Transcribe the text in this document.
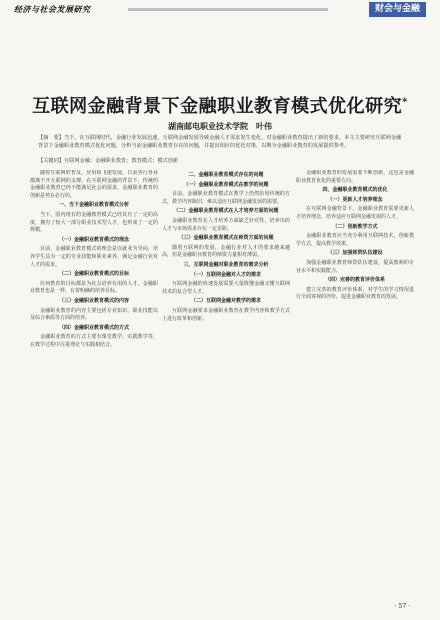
经济与社会发展研究	财会与金融
互联网金融背景下金融职业教育模式优化研究*
湖南邮电职业技术学院　叶伟
【摘　要】当下，在互联网时代，金融行业发展迅速，互联网金融发展导致金融人才需求发生变化，对金融职业教育提出了新的要求。本文主要研究互联网金融背景下金融职业教育模式优化问题，分析当前金融职业教育存在的问题，并提出相应的优化对策，以期为金融职业教育的发展提供参考。
【关键词】互联网金融；金融职业教育；教育模式；模式创新

随着互联网的普及，应用和飞速发展，日前各行各业都离不开互联网的支撑。在互联网金融的背景下，传统的金融职业教育已经不能满足社会的需求，金融职业教育的创新是势在必行的。

一、当下金融职业教育模式分析

当下，国内现有的金融教育模式已经具有了一定的高度，拥有了较大一部分职业技术型人才，也形成了一定的规模。

（一）金融职业教育模式的理念

目前，金融职业教育模式的理念是以就业为导向，培养学生具有一定的专业技能和职业素养，满足金融行业对人才的需求。

（二）金融职业教育模式的目标

任何教育的目标都是为社会培养有用的人才。金融职业教育也是一样，有着明确的培养目标。

（三）金融职业教育模式的内容

金融职业教育的内容主要包括专业知识、职业技能以及综合素质等方面的培养。

（四）金融职业教育模式的方式

金融职业教育的方式主要有课堂教学、实践教学等，在教学过程中注重理论与实践相结合。

二、金融职业教育模式存在的问题

（一）金融职业教育模式在教学的问题

目前，金融职业教育模式在教学上仍然沿用传统的方式，教学内容陈旧，难以适应互联网金融发展的需要。

（二）金融职业教育模式在人才培养方面的问题

金融职业教育在人才培养方面缺乏针对性，培养出的人才与市场需求存在一定差距。

（三）金融职业教育模式在师资方面的问题

随着互联网的发展，金融行业对人才的要求越来越高，但是金融职业教育的师资力量相对薄弱。

三、互联网金融对职业教育的需求分析

（一）互联网金融对人才的需求

互联网金融的快速发展需要大量既懂金融又懂互联网技术的复合型人才。

（二）互联网金融对教学的需求

互联网金融要求金融职业教育在教学内容和教学方式上进行改革和创新。

金融职业教育的发展需要不断创新，这也是金融职业教育优化的重要方向。

四、金融职业教育模式的优化

（一）更新人才培养理念

在互联网金融背景下，金融职业教育需要更新人才培养理念，培养适应互联网金融发展的人才。

（二）创新教学方式

金融职业教育应当充分利用互联网技术，创新教学方式，提高教学效果。

（三）加强师资队伍建设

加强金融职业教育师资队伍建设，提高教师的专业水平和实践能力。

（四）完善的教育评价体系

建立完善的教育评价体系，对学生的学习情况进行全面客观的评价，促进金融职业教育的发展。

· 57 ·
